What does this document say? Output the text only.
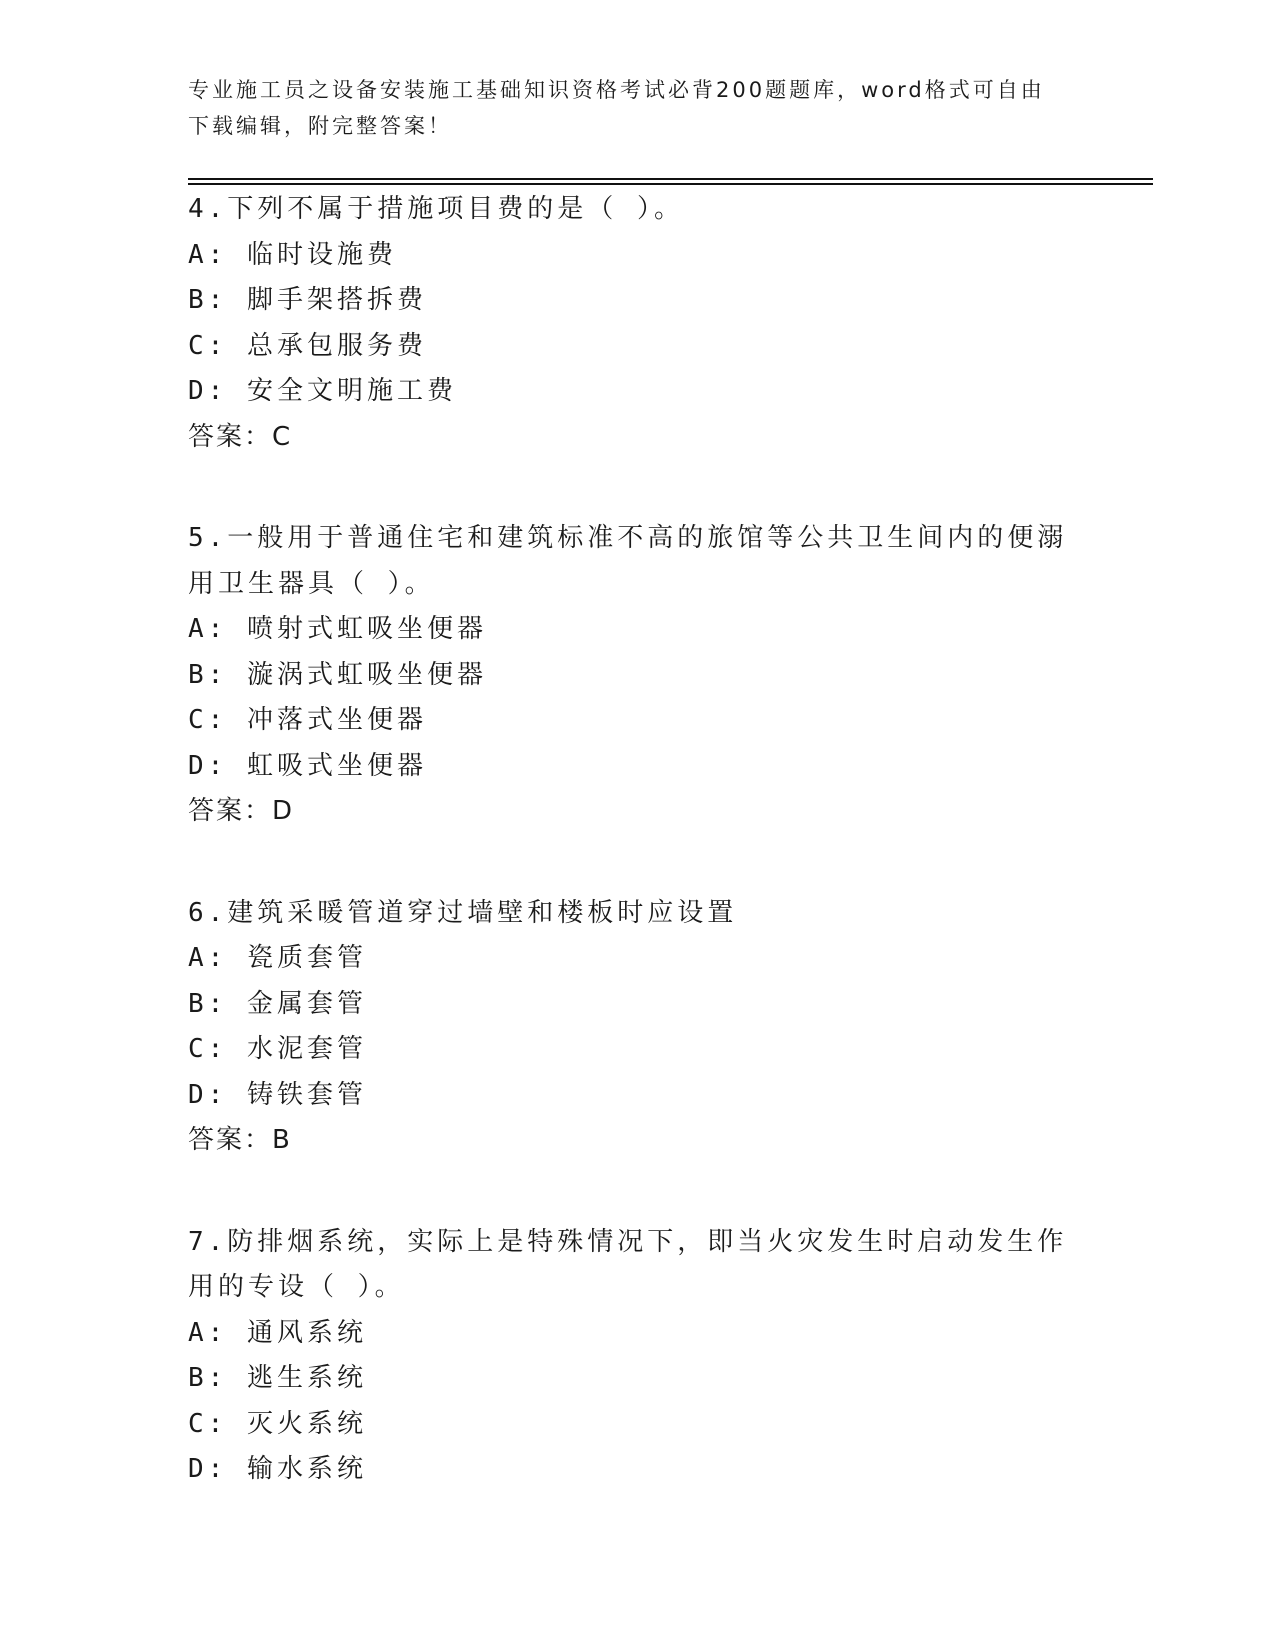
专业施工员之设备安装施工基础知识资格考试必背200题题库，word格式可自由下载编辑，附完整答案！
4.下列不属于措施项目费的是（ ）。
A: 临时设施费
B: 脚手架搭拆费
C: 总承包服务费
D: 安全文明施工费
答案：C
5.一般用于普通住宅和建筑标准不高的旅馆等公共卫生间内的便溺用卫生器具（ ）。
A: 喷射式虹吸坐便器
B: 漩涡式虹吸坐便器
C: 冲落式坐便器
D: 虹吸式坐便器
答案：D
6.建筑采暖管道穿过墙壁和楼板时应设置
A: 瓷质套管
B: 金属套管
C: 水泥套管
D: 铸铁套管
答案：B
7.防排烟系统，实际上是特殊情况下，即当火灾发生时启动发生作用的专设（ ）。
A: 通风系统
B: 逃生系统
C: 灭火系统
D: 输水系统
